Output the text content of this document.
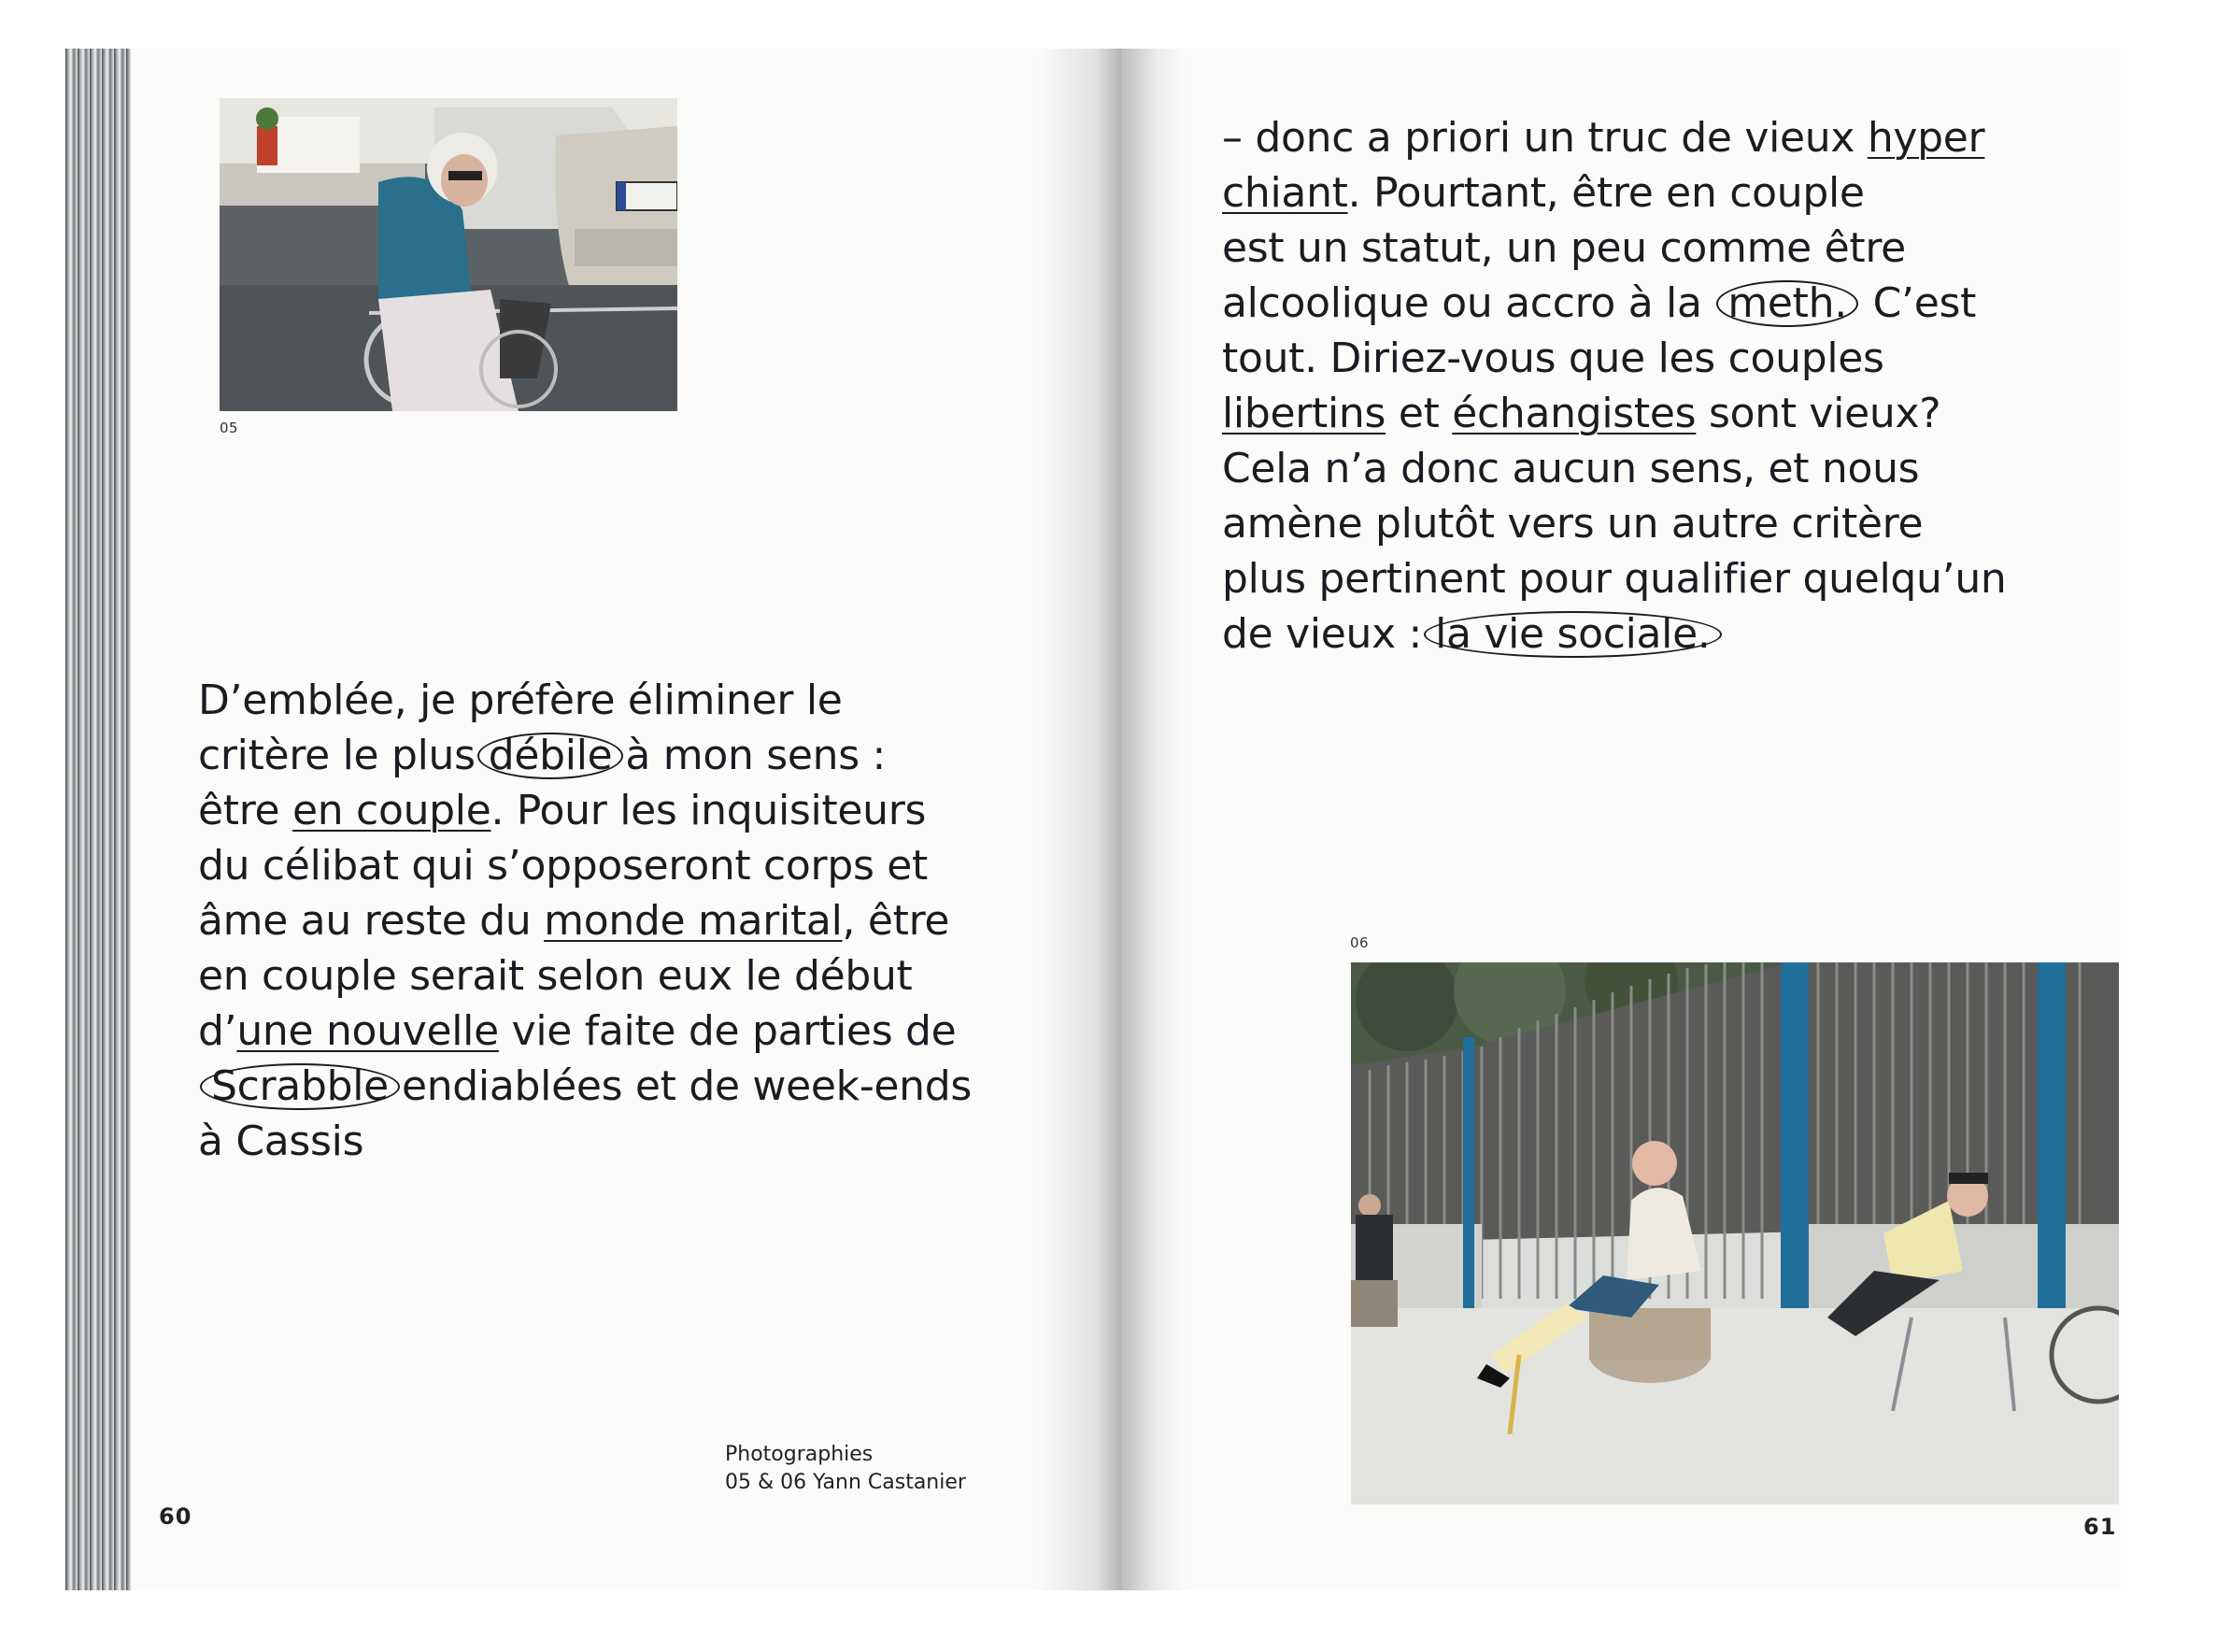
05

D’emblée, je préfère éliminer le

critère le plus débile à mon sens :

être en couple. Pour les inquisiteurs

du célibat qui s’opposeront corps et

âme au reste du monde marital, être

en couple serait selon eux le début

d’une nouvelle vie faite de parties de

Scrabble endiablées et de week-ends

à Cassis

Photographies
05 & 06 Yann Castanier
60

– donc a priori un truc de vieux hyper

chiant. Pourtant, être en couple

est un statut, un peu comme être

alcoolique ou accro à la meth. C’est

tout. Diriez-vous que les couples

libertins et échangistes sont vieux?

Cela n’a donc aucun sens, et nous

amène plutôt vers un autre critère

plus pertinent pour qualifier quelqu’un

de vieux : la vie sociale.

06
61
